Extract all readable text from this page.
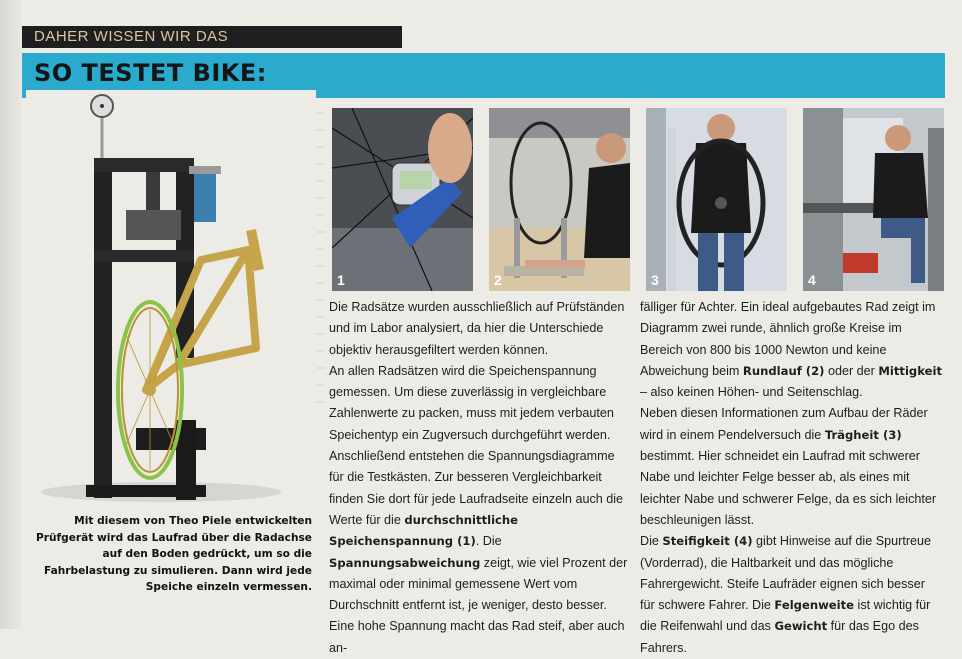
DAHER WISSEN WIR DAS
SO TESTET BIKE:
Mit diesem von Theo Piele entwickelten Prüfgerät wird das Laufrad über die Radachse auf den Boden gedrückt, um so die Fahrbelastung zu simulieren. Dann wird jede Speiche einzeln vermessen.
1	2	3	4

Die Radsätze wurden ausschließlich auf Prüfständen und im Labor analysiert, da hier die Unterschiede objektiv herausgefiltert werden können.

An allen Radsätzen wird die Speichenspannung gemessen. Um diese zuverlässig in vergleichbare Zahlenwerte zu packen, muss mit jedem verbauten Speichentyp ein Zugversuch durchgeführt werden. Anschließend entstehen die Spannungsdiagramme für die Testkästen. Zur besseren Vergleichbarkeit finden Sie dort für jede Laufradseite einzeln auch die Werte für die durchschnittliche Speichenspannung (1). Die Spannungsabweichung zeigt, wie viel Prozent der maximal oder minimal gemessene Wert vom Durchschnitt entfernt ist, je weniger, desto besser.

Eine hohe Spannung macht das Rad steif, aber auch an-

fälliger für Achter. Ein ideal aufgebautes Rad zeigt im Diagramm zwei runde, ähnlich große Kreise im Bereich von 800 bis 1000 Newton und keine Abweichung beim Rundlauf (2) oder der Mittigkeit – also keinen Höhen- und Seitenschlag.

Neben diesen Informationen zum Aufbau der Räder wird in einem Pendelversuch die Trägheit (3) bestimmt. Hier schneidet ein Laufrad mit schwerer Nabe und leichter Felge besser ab, als eines mit leichter Nabe und schwerer Felge, da es sich leichter beschleunigen lässt.

Die Steifigkeit (4) gibt Hinweise auf die Spurtreue (Vorderrad), die Haltbarkeit und das mögliche Fahrergewicht. Steife Laufräder eignen sich besser für schwere Fahrer. Die Felgenweite ist wichtig für die Reifenwahl und das Gewicht für das Ego des Fahrers.
